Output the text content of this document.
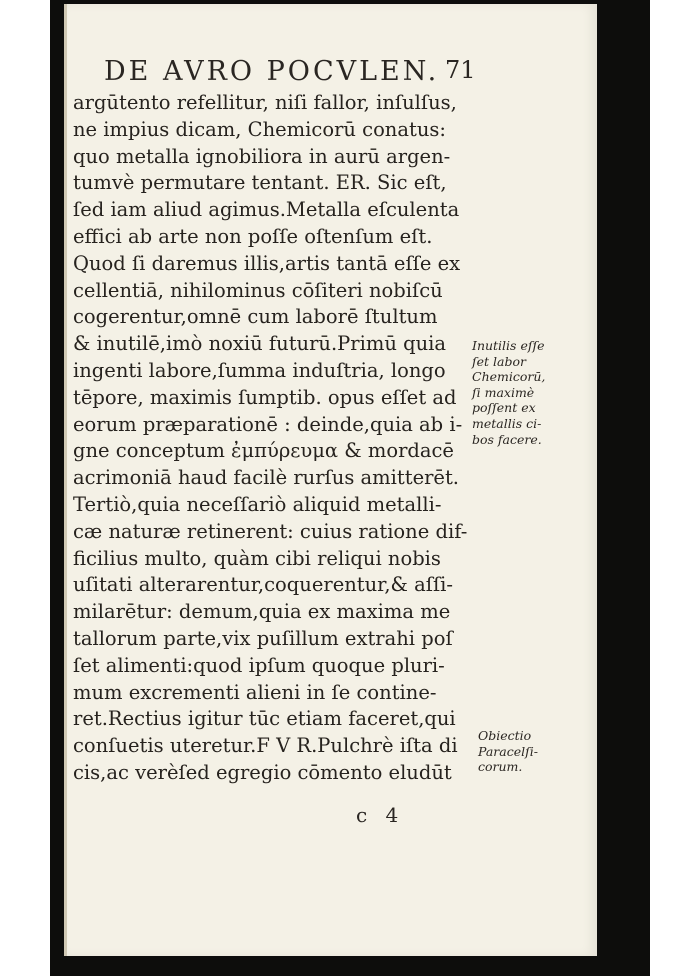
DE AVRO POCVLEN. 71
argūtento refellitur, niſi fallor, inſulſus,
ne impius dicam, Chemicorū conatus:
quo metalla ignobiliora in aurū argen-
tumvè permutare tentant. ER. Sic eſt,
ſed iam aliud agimus.Metalla eſculenta
effici ab arte non poſſe oſtenſum eſt.
Quod ſi daremus illis,artis tantā eſſe ex
cellentiā, nihilominus cōſiteri nobiſcū
cogerentur,omnē cum laborē ſtultum
& inutilē,imò noxiū futurū.Primū quia
ingenti labore,ſumma induſtria, longo
tēpore, maximis ſumptib. opus eſſet ad
eorum præparationē : deinde,quia ab i-
gne conceptum ἐμπύρευμα & mordacē
acrimoniā haud facilè rurſus amitterēt.
Tertiò,quia neceſſariò aliquid metalli-
cæ naturæ retinerent: cuius ratione dif-
ficilius multo, quàm cibi reliqui nobis
uſitati alterarentur,coquerentur,& aſſi-
milarētur: demum,quia ex maxima me
tallorum parte,vix puſillum extrahi poſ
ſet alimenti:quod ipſum quoque pluri-
mum excrementi alieni in ſe contine-
ret.Rectius igitur tūc etiam faceret,qui
conſuetis uteretur.F V R.Pulchrè iſta di
cis,ac verèſed egregio cōmento eludūt
Inutilis eſſe
ſet labor
Chemicorū,
ſi maximè
poſſent ex
metallis ci-
bos facere.
Obiectio
Paracelſi-
corum.
c 4
